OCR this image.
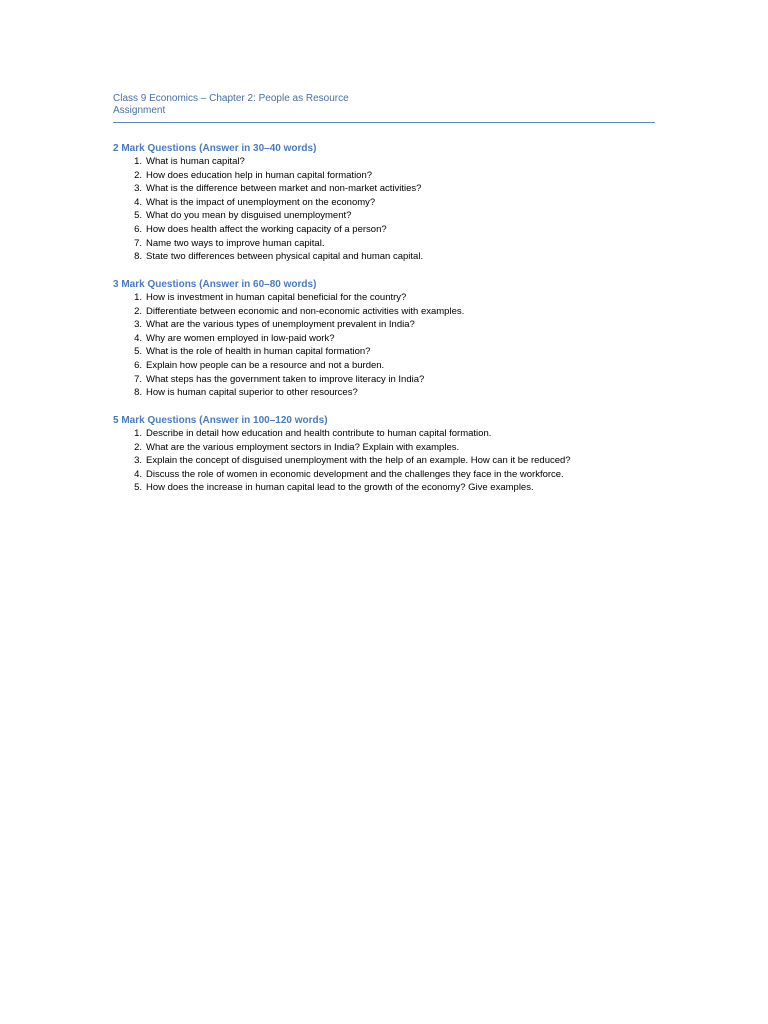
Class 9 Economics – Chapter 2: People as Resource
Assignment
2 Mark Questions (Answer in 30–40 words)
1. What is human capital?
2. How does education help in human capital formation?
3. What is the difference between market and non-market activities?
4. What is the impact of unemployment on the economy?
5. What do you mean by disguised unemployment?
6. How does health affect the working capacity of a person?
7. Name two ways to improve human capital.
8. State two differences between physical capital and human capital.
3 Mark Questions (Answer in 60–80 words)
1. How is investment in human capital beneficial for the country?
2. Differentiate between economic and non-economic activities with examples.
3. What are the various types of unemployment prevalent in India?
4. Why are women employed in low-paid work?
5. What is the role of health in human capital formation?
6. Explain how people can be a resource and not a burden.
7. What steps has the government taken to improve literacy in India?
8. How is human capital superior to other resources?
5 Mark Questions (Answer in 100–120 words)
1. Describe in detail how education and health contribute to human capital formation.
2. What are the various employment sectors in India? Explain with examples.
3. Explain the concept of disguised unemployment with the help of an example. How can it be reduced?
4. Discuss the role of women in economic development and the challenges they face in the workforce.
5. How does the increase in human capital lead to the growth of the economy? Give examples.
